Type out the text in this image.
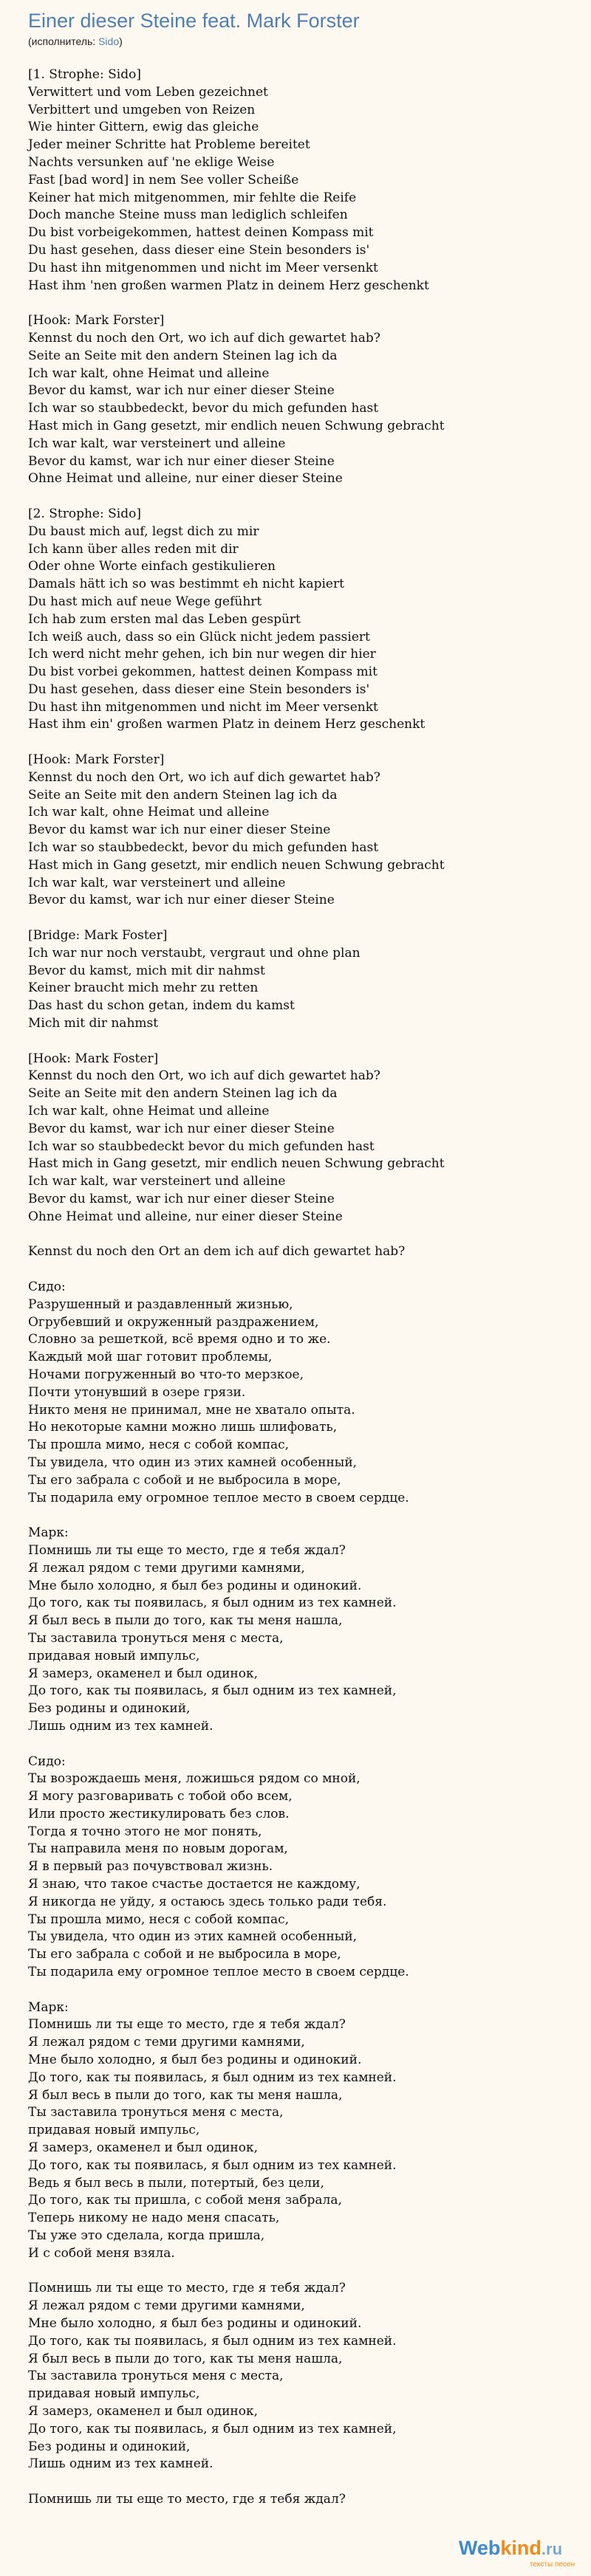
Einer dieser Steine feat. Mark Forster
(исполнитель: Sido)
[1. Strophe: Sido]
Verwittert und vom Leben gezeichnet
Verbittert und umgeben von Reizen
Wie hinter Gittern, ewig das gleiche
Jeder meiner Schritte hat Probleme bereitet
Nachts versunken auf 'ne eklige Weise
Fast [bad word] in nem See voller Scheiße
Keiner hat mich mitgenommen, mir fehlte die Reife
Doch manche Steine muss man lediglich schleifen
Du bist vorbeigekommen, hattest deinen Kompass mit
Du hast gesehen, dass dieser eine Stein besonders is'
Du hast ihn mitgenommen und nicht im Meer versenkt
Hast ihm 'nen großen warmen Platz in deinem Herz geschenkt
[Hook: Mark Forster]
Kennst du noch den Ort, wo ich auf dich gewartet hab?
Seite an Seite mit den andern Steinen lag ich da
Ich war kalt, ohne Heimat und alleine
Bevor du kamst, war ich nur einer dieser Steine
Ich war so staubbedeckt, bevor du mich gefunden hast
Hast mich in Gang gesetzt, mir endlich neuen Schwung gebracht
Ich war kalt, war versteinert und alleine
Bevor du kamst, war ich nur einer dieser Steine
Ohne Heimat und alleine, nur einer dieser Steine
[2. Strophe: Sido]
Du baust mich auf, legst dich zu mir
Ich kann über alles reden mit dir
Oder ohne Worte einfach gestikulieren
Damals hätt ich so was bestimmt eh nicht kapiert
Du hast mich auf neue Wege geführt
Ich hab zum ersten mal das Leben gespürt
Ich weiß auch, dass so ein Glück nicht jedem passiert
Ich werd nicht mehr gehen, ich bin nur wegen dir hier
Du bist vorbei gekommen, hattest deinen Kompass mit
Du hast gesehen, dass dieser eine Stein besonders is'
Du hast ihn mitgenommen und nicht im Meer versenkt
Hast ihm ein' großen warmen Platz in deinem Herz geschenkt
[Hook: Mark Forster]
Kennst du noch den Ort, wo ich auf dich gewartet hab?
Seite an Seite mit den andern Steinen lag ich da
Ich war kalt, ohne Heimat und alleine
Bevor du kamst war ich nur einer dieser Steine
Ich war so staubbedeckt, bevor du mich gefunden hast
Hast mich in Gang gesetzt, mir endlich neuen Schwung gebracht
Ich war kalt, war versteinert und alleine
Bevor du kamst, war ich nur einer dieser Steine
[Bridge: Mark Foster]
Ich war nur noch verstaubt, vergraut und ohne plan
Bevor du kamst, mich mit dir nahmst
Keiner braucht mich mehr zu retten
Das hast du schon getan, indem du kamst
Mich mit dir nahmst
[Hook: Mark Foster]
Kennst du noch den Ort, wo ich auf dich gewartet hab?
Seite an Seite mit den andern Steinen lag ich da
Ich war kalt, ohne Heimat und alleine
Bevor du kamst, war ich nur einer dieser Steine
Ich war so staubbedeckt bevor du mich gefunden hast
Hast mich in Gang gesetzt, mir endlich neuen Schwung gebracht
Ich war kalt, war versteinert und alleine
Bevor du kamst, war ich nur einer dieser Steine
Ohne Heimat und alleine, nur einer dieser Steine
Kennst du noch den Ort an dem ich auf dich gewartet hab?
Сидо:
Разрушенный и раздавленный жизнью,
Огрубевший и окруженный раздражением,
Словно за решеткой, всё время одно и то же.
Каждый мой шаг готовит проблемы,
Ночами погруженный во что-то мерзкое,
Почти утонувший в озере грязи.
Никто меня не принимал, мне не хватало опыта.
Но некоторые камни можно лишь шлифовать,
Ты прошла мимо, неся с собой компас,
Ты увидела, что один из этих камней особенный,
Ты его забрала с собой и не выбросила в море,
Ты подарила ему огромное теплое место в своем сердце.
Марк:
Помнишь ли ты еще то место, где я тебя ждал?
Я лежал рядом с теми другими камнями,
Мне было холодно, я был без родины и одинокий.
До того, как ты появилась, я был одним из тех камней.
Я был весь в пыли до того, как ты меня нашла,
Ты заставила тронуться меня с места,
придавая новый импульс,
Я замерз, окаменел и был одинок,
До того, как ты появилась, я был одним из тех камней,
Без родины и одинокий,
Лишь одним из тех камней.
Сидо:
Ты возрождаешь меня, ложишься рядом со мной,
Я могу разговаривать с тобой обо всем,
Или просто жестикулировать без слов.
Тогда я точно этого не мог понять,
Ты направила меня по новым дорогам,
Я в первый раз почувствовал жизнь.
Я знаю, что такое счастье достается не каждому,
Я никогда не уйду, я остаюсь здесь только ради тебя.
Ты прошла мимо, неся с собой компас,
Ты увидела, что один из этих камней особенный,
Ты его забрала с собой и не выбросила в море,
Ты подарила ему огромное теплое место в своем сердце.
Марк:
Помнишь ли ты еще то место, где я тебя ждал?
Я лежал рядом с теми другими камнями,
Мне было холодно, я был без родины и одинокий.
До того, как ты появилась, я был одним из тех камней.
Я был весь в пыли до того, как ты меня нашла,
Ты заставила тронуться меня с места,
придавая новый импульс,
Я замерз, окаменел и был одинок,
До того, как ты появилась, я был одним из тех камней.
Ведь я был весь в пыли, потертый, без цели,
До того, как ты пришла, с собой меня забрала,
Теперь никому не надо меня спасать,
Ты уже это сделала, когда пришла,
И с собой меня взяла.
Помнишь ли ты еще то место, где я тебя ждал?
Я лежал рядом с теми другими камнями,
Мне было холодно, я был без родины и одинокий.
До того, как ты появилась, я был одним из тех камней.
Я был весь в пыли до того, как ты меня нашла,
Ты заставила тронуться меня с места,
придавая новый импульс,
Я замерз, окаменел и был одинок,
До того, как ты появилась, я был одним из тех камней,
Без родины и одинокий,
Лишь одним из тех камней.
Помнишь ли ты еще то место, где я тебя ждал?
Webkind.ru
тексты песен
